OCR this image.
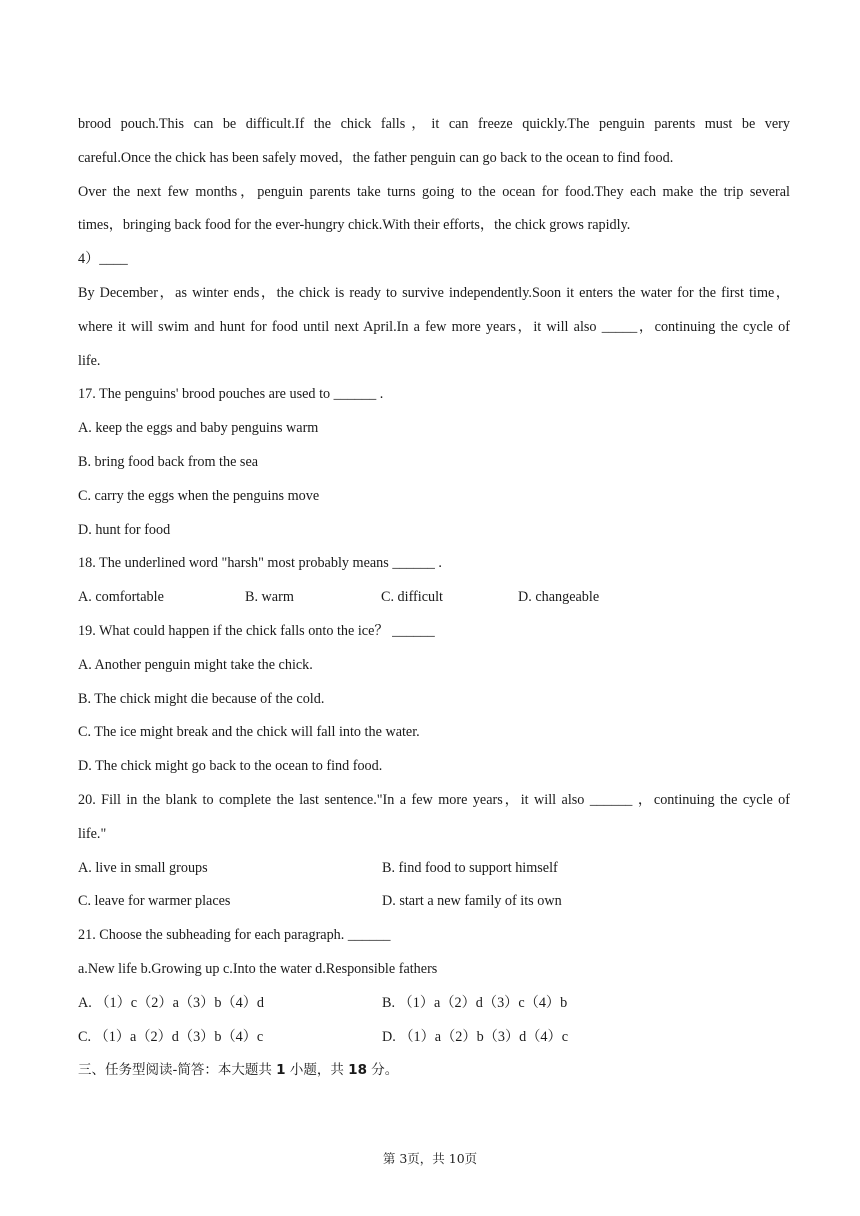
brood pouch.This can be difficult.If the chick falls，it can freeze quickly.The penguin parents must be very
careful.Once the chick has been safely moved，the father penguin can go back to the ocean to find food.
Over the next few months，penguin parents take turns going to the ocean for food.They each make the trip several
times，bringing back food for the ever-hungry chick.With their efforts，the chick grows rapidly.
4）____
By December，as winter ends，the chick is ready to survive independently.Soon it enters the water for the first time，
where it will swim and hunt for food until next April.In a few more years，it will also _____，continuing the cycle of
life.
17. The penguins' brood pouches are used to ______ .
A. keep the eggs and baby penguins warm
B. bring food back from the sea
C. carry the eggs when the penguins move
D. hunt for food
18. The underlined word "harsh" most probably means ______ .
A. comfortable	B. warm	C. difficult	D. changeable
19. What could happen if the chick falls onto the ice？ ______
A. Another penguin might take the chick.
B. The chick might die because of the cold.
C. The ice might break and the chick will fall into the water.
D. The chick might go back to the ocean to find food.
20. Fill in the blank to complete the last sentence."In a few more years，it will also ______ ，continuing the cycle of
life."
A. live in small groups	B. find food to support himself
C. leave for warmer places	D. start a new family of its own
21. Choose the subheading for each paragraph. ______
a.New life b.Growing up c.Into the water d.Responsible fathers
A. （1）c（2）a（3）b（4）d	B. （1）a（2）d（3）c（4）b
C. （1）a（2）d（3）b（4）c	D. （1）a（2）b（3）d（4）c
三、任务型阅读-简答：本大题共 1 小题，共 18 分。
第 3页，共 10页
